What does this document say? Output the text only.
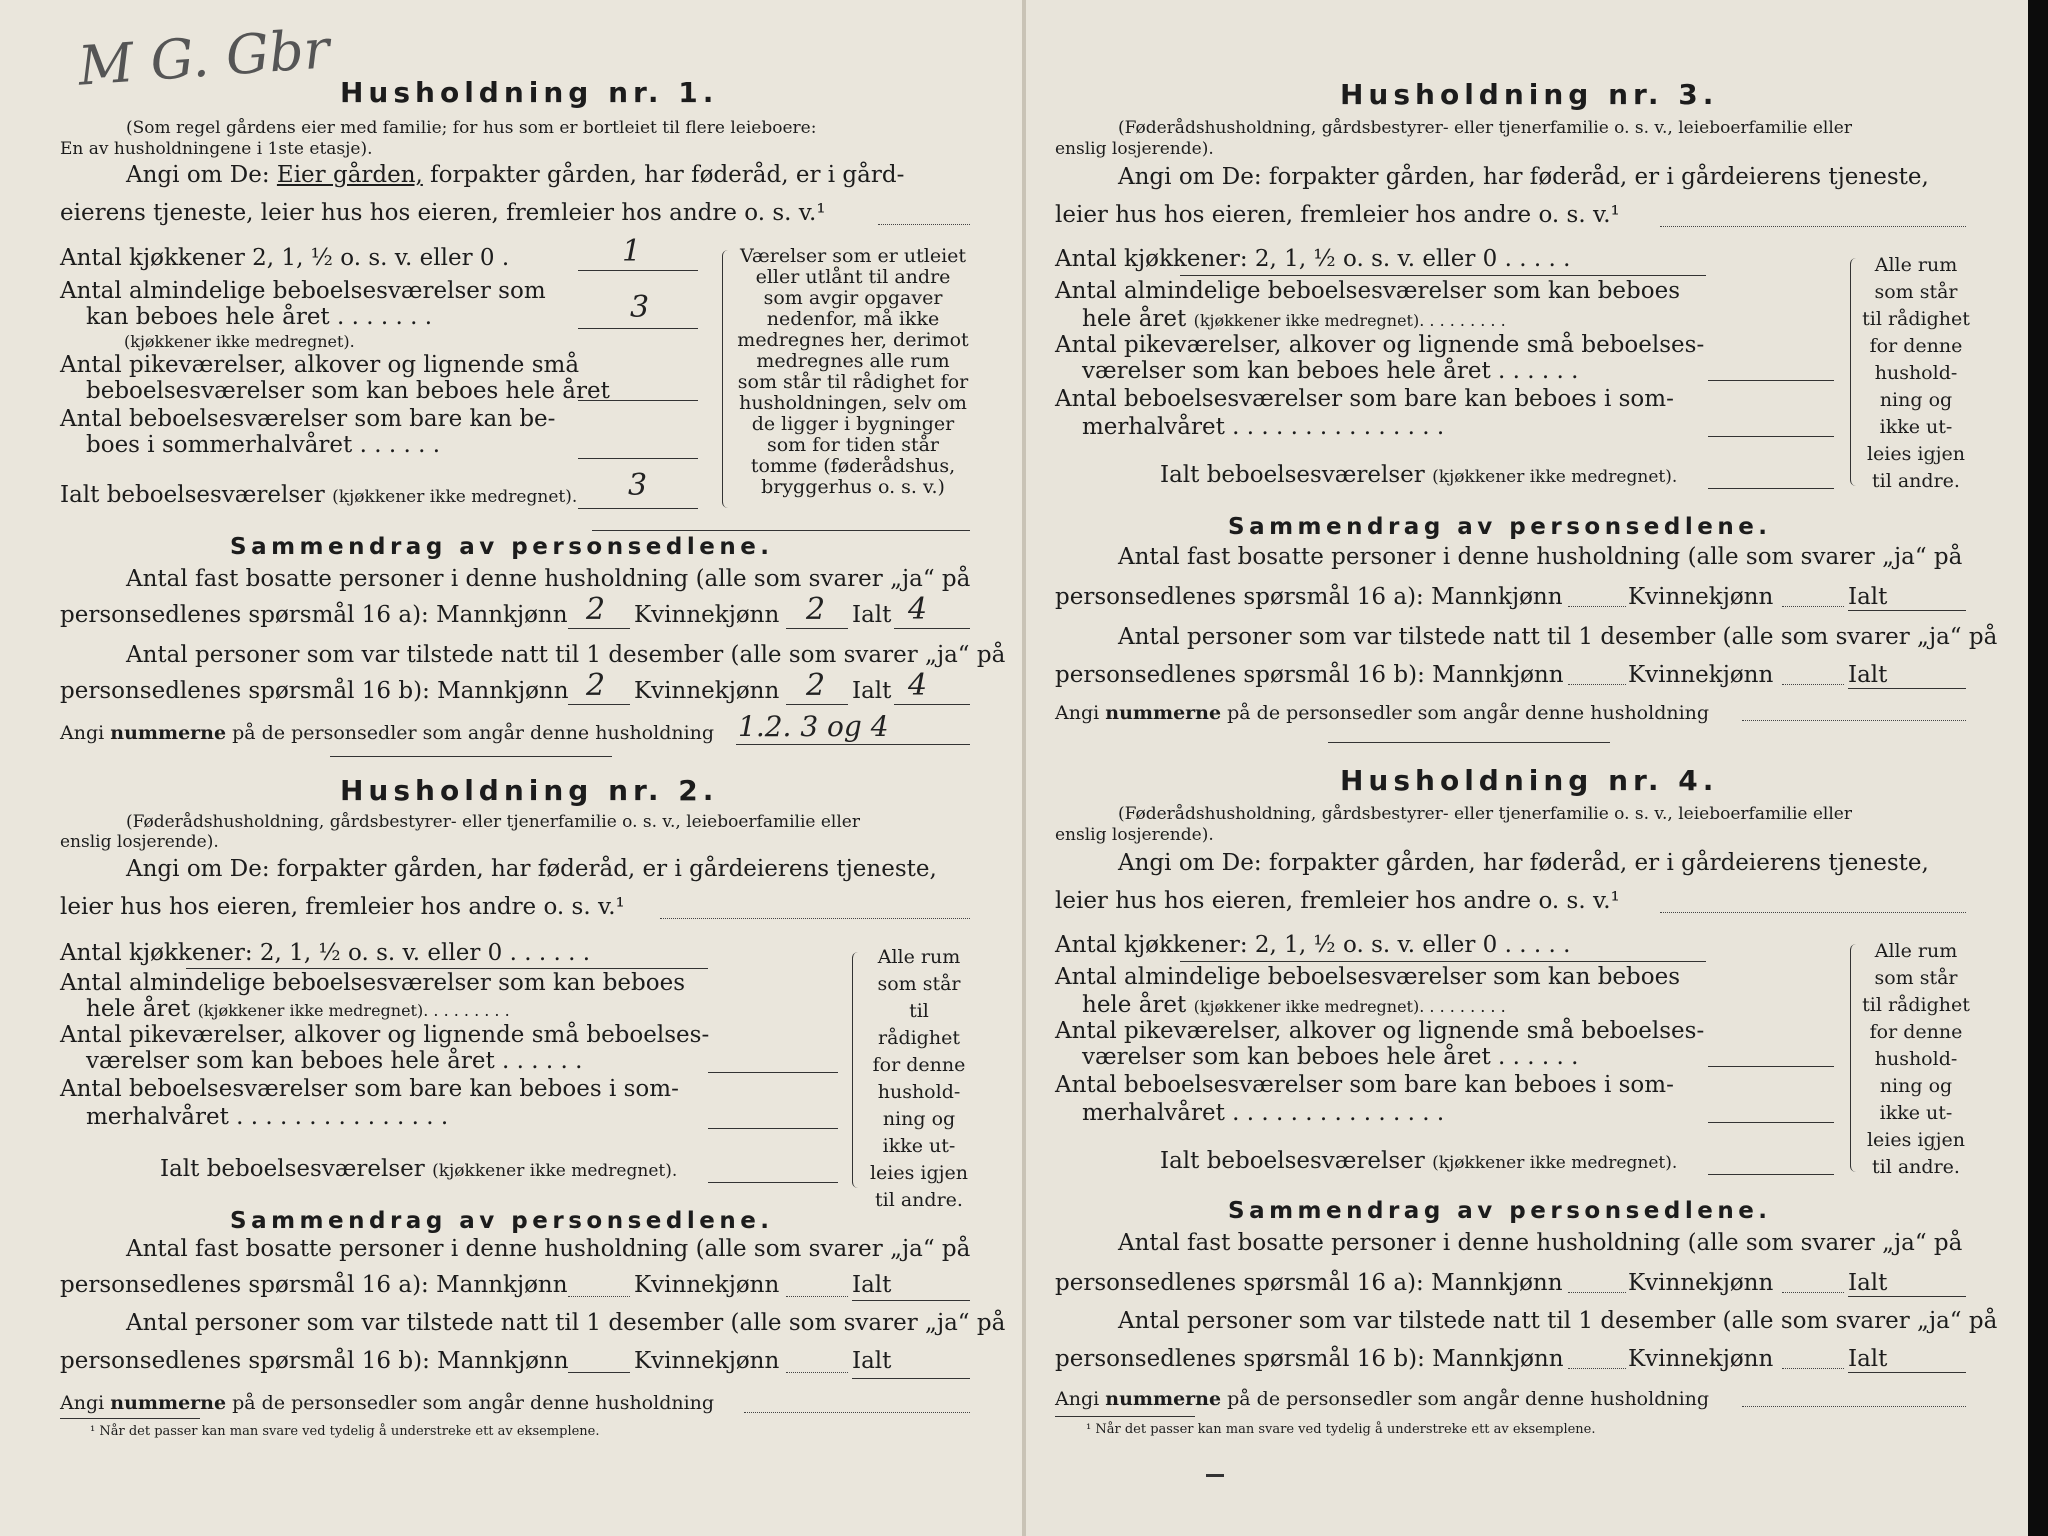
M G. Gbr Husholdning nr. 1.
(Som regel gårdens eier med familie; for hus som er bortleiet til flere leieboere:
En av husholdningene i 1ste etasje).
Angi om De: Eier gården, forpakter gården, har føderåd, er i gård-
eierens tjeneste, leier hus hos eieren, fremleier hos andre o. s. v.¹
Antal kjøkkener 2, 1, ½ o. s. v. eller 0 .	1
Antal almindelige beboelsesværelser som
kan beboes hele året . . . . . . .	3
(kjøkkener ikke medregnet).
Antal pikeværelser, alkover og lignende små
beboelsesværelser som kan beboes hele året
Antal beboelsesværelser som bare kan be-
boes i sommerhalvåret . . . . . .
Ialt beboelsesværelser (kjøkkener ikke medregnet). 3
Værelser som er utleiet eller utlånt til andre som avgir opgaver nedenfor, må ikke medregnes her, derimot medregnes alle rum som står til rådighet for husholdningen, selv om de ligger i bygninger som for tiden står tomme (føderådshus, bryggerhus o. s. v.)
Sammendrag av personsedlene.
Antal fast bosatte personer i denne husholdning (alle som svarer „ja“ på
personsedlenes spørsmål 16 a): Mannkjønn 2 Kvinnekjønn 2 Ialt 4
Antal personer som var tilstede natt til 1 desember (alle som svarer „ja“ på
personsedlenes spørsmål 16 b): Mannkjønn 2 Kvinnekjønn 2 Ialt 4
Angi nummerne på de personsedler som angår denne husholdning 1.2. 3 og 4
Husholdning nr. 2.
(Føderådshusholdning, gårdsbestyrer- eller tjenerfamilie o. s. v., leieboerfamilie eller
enslig losjerende).
Angi om De: forpakter gården, har føderåd, er i gårdeierens tjeneste,
leier hus hos eieren, fremleier hos andre o. s. v.¹
Antal kjøkkener: 2, 1, ½ o. s. v. eller 0 . . . . . .
Antal almindelige beboelsesværelser som kan beboes
hele året (kjøkkener ikke medregnet). . . . . . . . .
Antal pikeværelser, alkover og lignende små beboelses-
værelser som kan beboes hele året . . . . . .
Antal beboelsesværelser som bare kan beboes i som-
merhalvåret . . . . . . . . . . . . . . .
Ialt beboelsesværelser (kjøkkener ikke medregnet).
Alle rum som står til rådighet for denne hushold- ning og ikke ut- leies igjen til andre.
Sammendrag av personsedlene.
Antal fast bosatte personer i denne husholdning (alle som svarer „ja“ på
personsedlenes spørsmål 16 a): Mannkjønn	Kvinnekjønn	Ialt
Antal personer som var tilstede natt til 1 desember (alle som svarer „ja“ på
personsedlenes spørsmål 16 b): Mannkjønn	Kvinnekjønn	Ialt
Angi nummerne på de personsedler som angår denne husholdning
¹ Når det passer kan man svare ved tydelig å understreke ett av eksemplene.
Husholdning nr. 3.
(Føderådshusholdning, gårdsbestyrer- eller tjenerfamilie o. s. v., leieboerfamilie eller
enslig losjerende).
Angi om De: forpakter gården, har føderåd, er i gårdeierens tjeneste,
leier hus hos eieren, fremleier hos andre o. s. v.¹
Antal kjøkkener: 2, 1, ½ o. s. v. eller 0 . . . . .
Antal almindelige beboelsesværelser som kan beboes
hele året (kjøkkener ikke medregnet). . . . . . . . .
Antal pikeværelser, alkover og lignende små beboelses-
værelser som kan beboes hele året . . . . . .
Antal beboelsesværelser som bare kan beboes i som-
merhalvåret . . . . . . . . . . . . . . .
Ialt beboelsesværelser (kjøkkener ikke medregnet).
Alle rum som står til rådighet for denne hushold- ning og ikke ut- leies igjen til andre.
Sammendrag av personsedlene.
Antal fast bosatte personer i denne husholdning (alle som svarer „ja“ på
personsedlenes spørsmål 16 a): Mannkjønn	Kvinnekjønn	Ialt
Antal personer som var tilstede natt til 1 desember (alle som svarer „ja“ på
personsedlenes spørsmål 16 b): Mannkjønn	Kvinnekjønn	Ialt
Angi nummerne på de personsedler som angår denne husholdning
Husholdning nr. 4.
(Føderådshusholdning, gårdsbestyrer- eller tjenerfamilie o. s. v., leieboerfamilie eller
enslig losjerende).
Angi om De: forpakter gården, har føderåd, er i gårdeierens tjeneste,
leier hus hos eieren, fremleier hos andre o. s. v.¹
Antal kjøkkener: 2, 1, ½ o. s. v. eller 0 . . . . .
Antal almindelige beboelsesværelser som kan beboes
hele året (kjøkkener ikke medregnet). . . . . . . . .
Antal pikeværelser, alkover og lignende små beboelses-
værelser som kan beboes hele året . . . . . .
Antal beboelsesværelser som bare kan beboes i som-
merhalvåret . . . . . . . . . . . . . . .
Ialt beboelsesværelser (kjøkkener ikke medregnet).
Alle rum som står til rådighet for denne hushold- ning og ikke ut- leies igjen til andre.
Sammendrag av personsedlene.
Antal fast bosatte personer i denne husholdning (alle som svarer „ja“ på
personsedlenes spørsmål 16 a): Mannkjønn	Kvinnekjønn	Ialt
Antal personer som var tilstede natt til 1 desember (alle som svarer „ja“ på
personsedlenes spørsmål 16 b): Mannkjønn	Kvinnekjønn	Ialt
Angi nummerne på de personsedler som angår denne husholdning
¹ Når det passer kan man svare ved tydelig å understreke ett av eksemplene.
